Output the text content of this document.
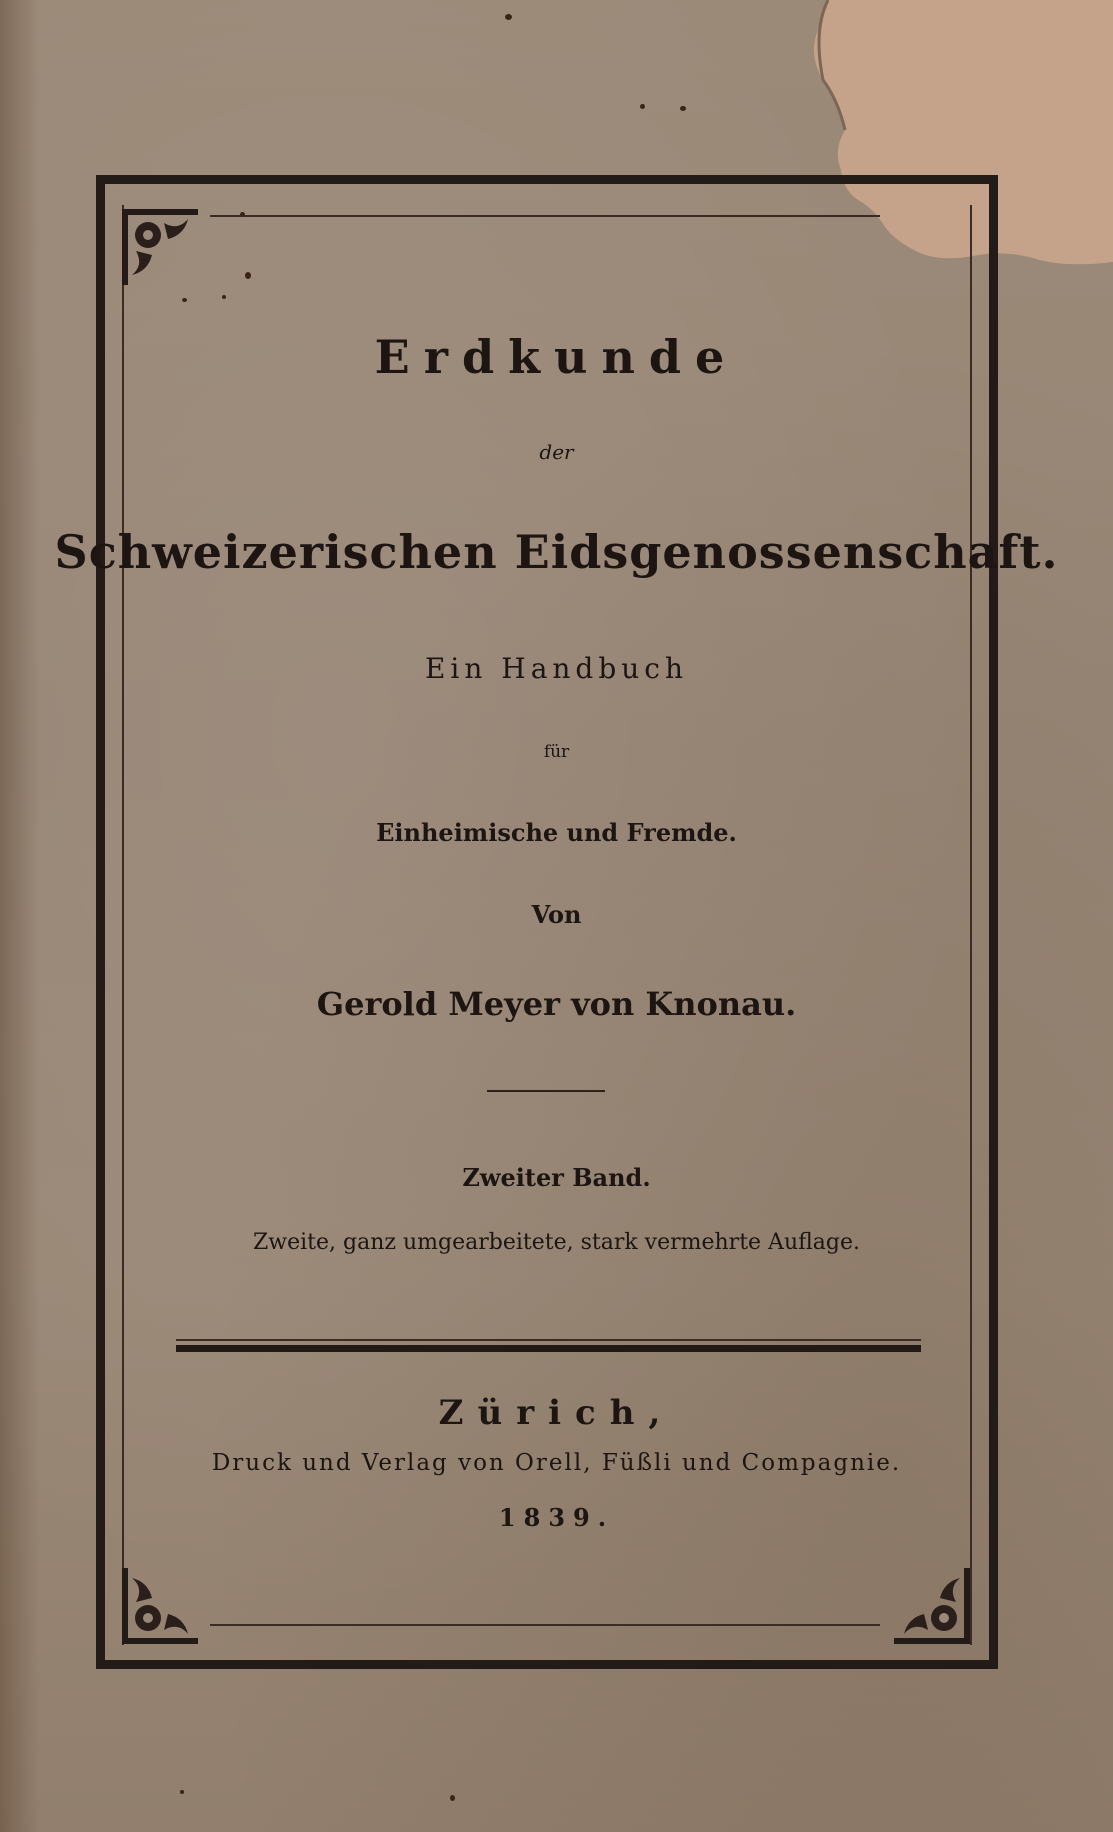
Erdkunde
der
Schweizerischen Eidsgenossenschaft.
Ein Handbuch
für
Einheimische und Fremde.
Von
Gerold Meyer von Knonau.
Zweiter Band.
Zweite, ganz umgearbeitete, stark vermehrte Auflage.
Zürich,
Druck und Verlag von Orell, Füßli und Compagnie.
1839.
